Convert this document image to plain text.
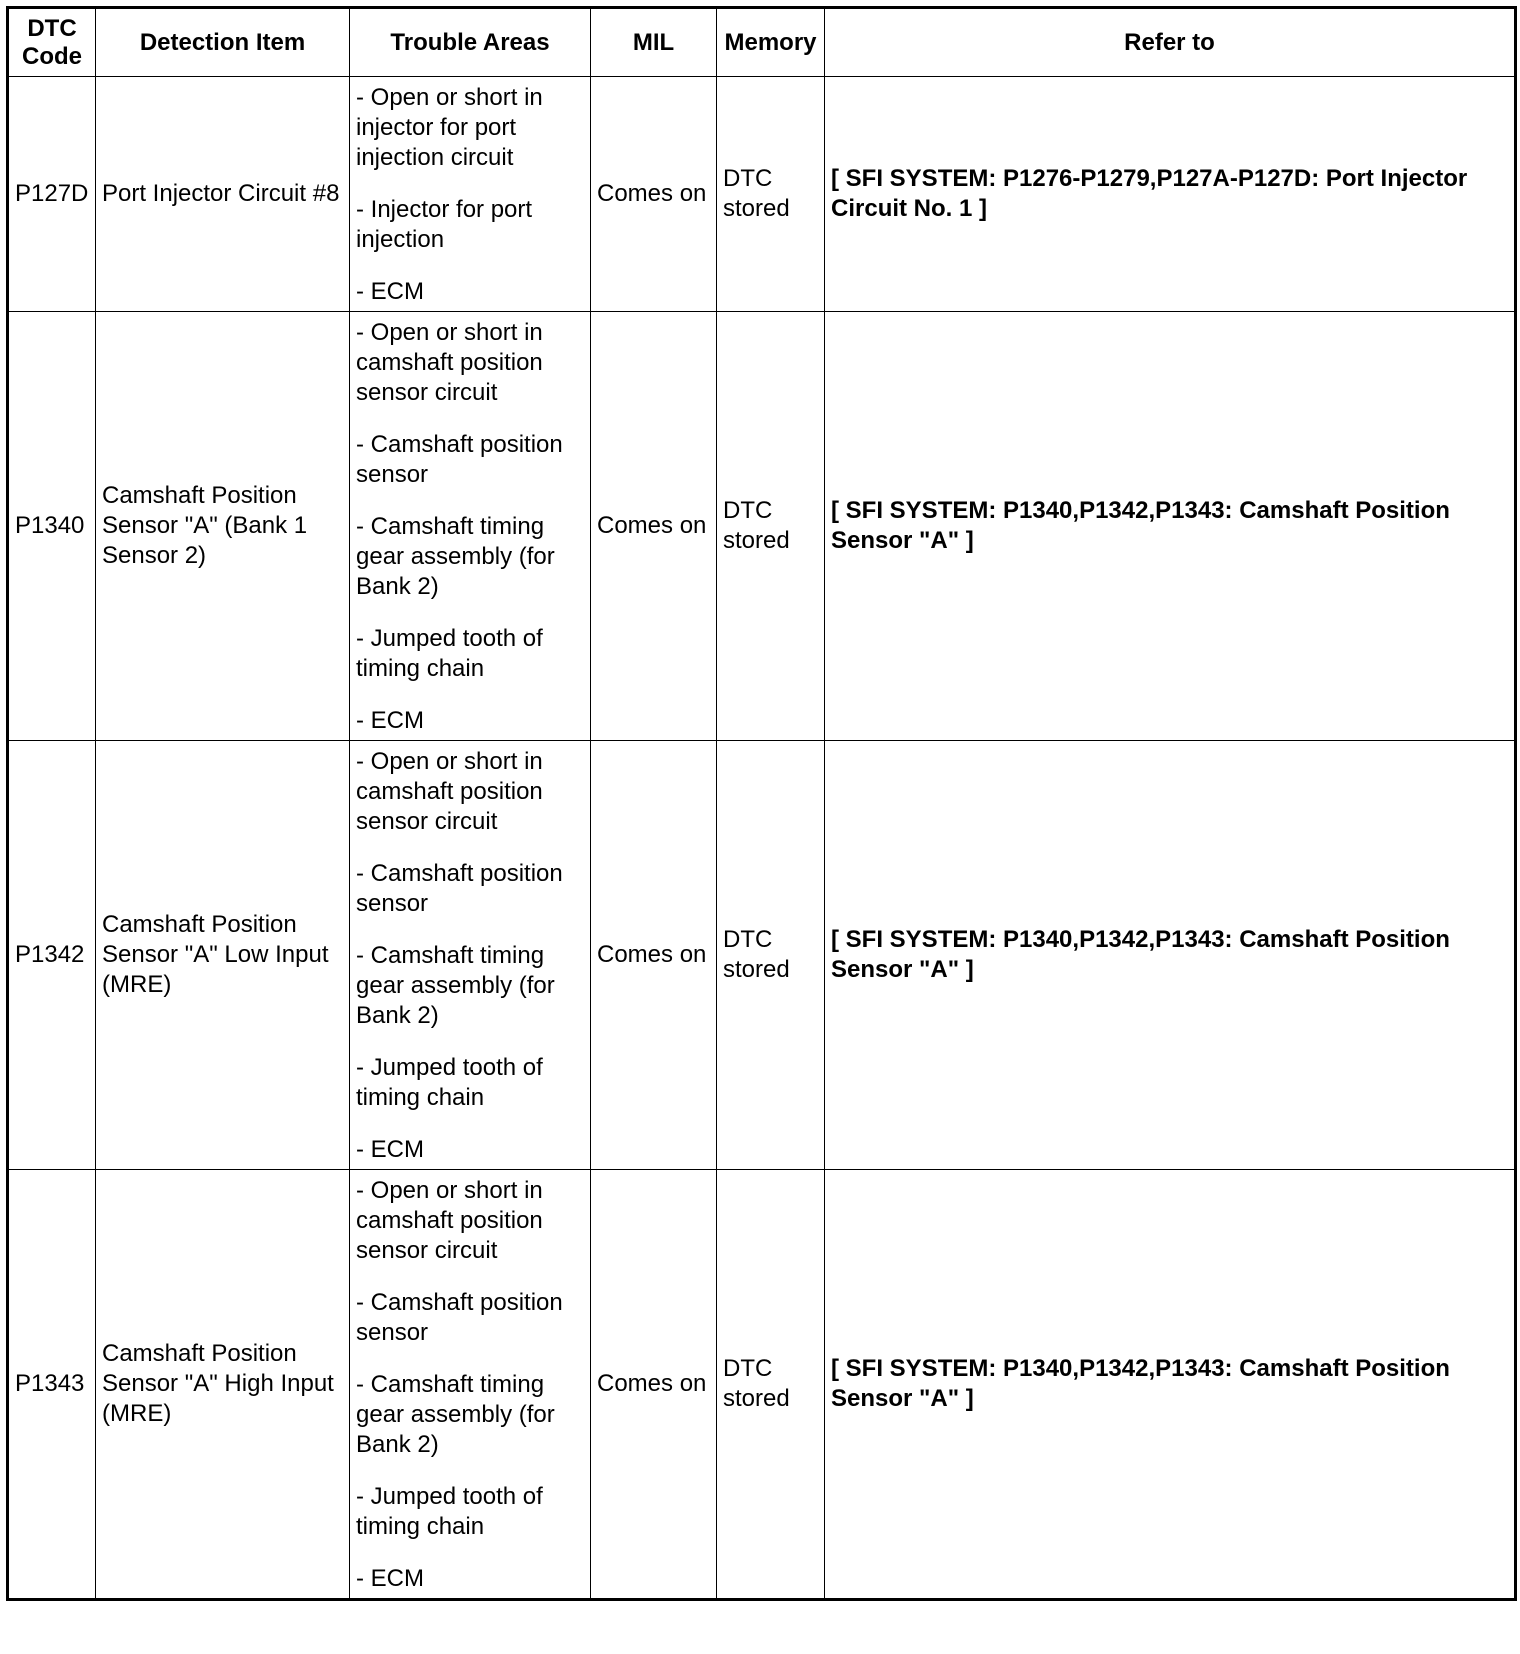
DTC Code	Detection Item	Trouble Areas	MIL	Memory	Refer to
P127D	Port Injector Circuit #8	- Open or short in injector for port injection circuit
- Injector for port injection
- ECM	Comes on	DTC stored	[ SFI SYSTEM: P1276-P1279,P127A-P127D: Port Injector Circuit No. 1 ]
P1340	Camshaft Position Sensor "A" (Bank 1 Sensor 2)	- Open or short in camshaft position sensor circuit
- Camshaft position sensor
- Camshaft timing gear assembly (for Bank 2)
- Jumped tooth of timing chain
- ECM	Comes on	DTC stored	[ SFI SYSTEM: P1340,P1342,P1343: Camshaft Position Sensor "A" ]
P1342	Camshaft Position Sensor "A" Low Input (MRE)	- Open or short in camshaft position sensor circuit
- Camshaft position sensor
- Camshaft timing gear assembly (for Bank 2)
- Jumped tooth of timing chain
- ECM	Comes on	DTC stored	[ SFI SYSTEM: P1340,P1342,P1343: Camshaft Position Sensor "A" ]
P1343	Camshaft Position Sensor "A" High Input (MRE)	- Open or short in camshaft position sensor circuit
- Camshaft position sensor
- Camshaft timing gear assembly (for Bank 2)
- Jumped tooth of timing chain
- ECM	Comes on	DTC stored	[ SFI SYSTEM: P1340,P1342,P1343: Camshaft Position Sensor "A" ]
